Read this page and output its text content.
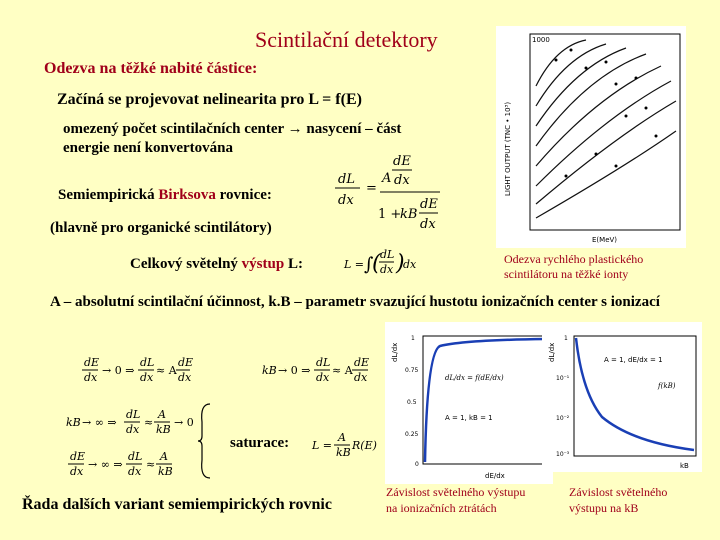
Scintilační detektory
Odezva na těžké nabité částice:
Začíná se projevovat nelinearita pro L = f(E)
omezený počet scintilačních center → nasycení – část energie není konvertována
Semiempirická Birksova rovnice:
dL
dx
=
dE
A dx
1 +
kB
dE
dx
(hlavně pro organické scintilátory)
Celkový světelný výstup L:	L = ∫
( dL
dx )
dx	Odezva rychlého plastického
scintilátoru na těžké ionty
1000
LIGHT OUTPUT (TNC • 10³)
E(MeV)
A – absolutní scintilační účinnost, k.B – parametr svazující hustotu ionizačních center s ionizací
dE
dx
→ 0 ⇒
dL
dx
≈ A
dE
dx
kB → 0 ⇒
dL
dx
≈ A
dE
dx
kB → ∞ ⇒
dL
dx
≈
A
kB
→ 0
dE
dx
→ ∞ ⇒
dL
dx
≈
A
kB
saturace: L =
A
kB
R(E)
dL/dx
1
0.75
0.5
0.25
0
dL/dx = f(dE/dx)
A = 1, kB = 1
dE/dx
dL/dx
1
10⁻¹
10⁻²
10⁻³
A = 1, dE/dx = 1
f(kB)
kB
Řada dalších variant semiempirických rovnic
Závislost světelného výstupu
na ionizačních ztrátách
Závislost světelného
výstupu na kB
